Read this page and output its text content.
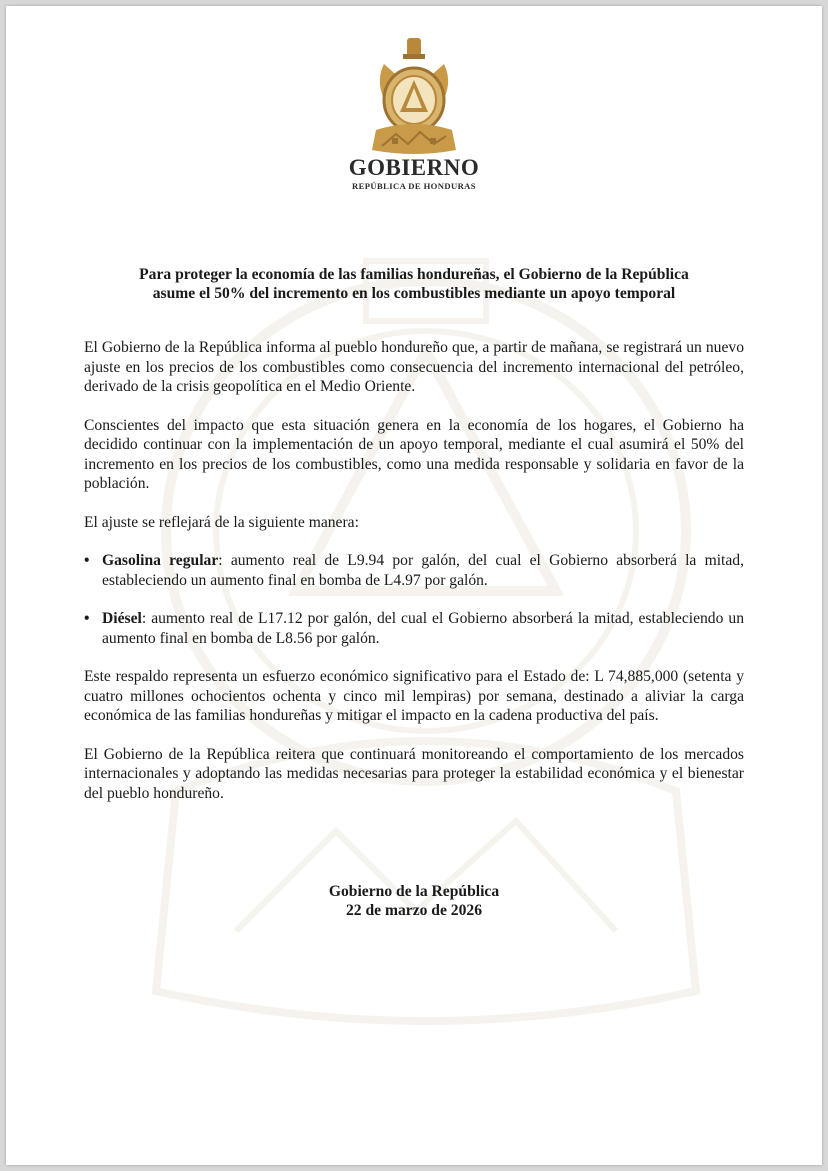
GOBIERNO
REPÚBLICA DE HONDURAS
Para proteger la economía de las familias hondureñas, el Gobierno de la República
asume el 50% del incremento en los combustibles mediante un apoyo temporal

El Gobierno de la República informa al pueblo hondureño que, a partir de mañana, se registrará un nuevo ajuste en los precios de los combustibles como consecuencia del incremento internacional del petróleo, derivado de la crisis geopolítica en el Medio Oriente.

Conscientes del impacto que esta situación genera en la economía de los hogares, el Gobierno ha decidido continuar con la implementación de un apoyo temporal, mediante el cual asumirá el 50% del incremento en los precios de los combustibles, como una medida responsable y solidaria en favor de la población.

El ajuste se reflejará de la siguiente manera:

• Gasolina regular: aumento real de L9.94 por galón, del cual el Gobierno absorberá la mitad, estableciendo un aumento final en bomba de L4.97 por galón.
• Diésel: aumento real de L17.12 por galón, del cual el Gobierno absorberá la mitad, estableciendo un aumento final en bomba de L8.56 por galón.

Este respaldo representa un esfuerzo económico significativo para el Estado de: L 74,885,000 (setenta y cuatro millones ochocientos ochenta y cinco mil lempiras) por semana, destinado a aliviar la carga económica de las familias hondureñas y mitigar el impacto en la cadena productiva del país.

El Gobierno de la República reitera que continuará monitoreando el comportamiento de los mercados internacionales y adoptando las medidas necesarias para proteger la estabilidad económica y el bienestar del pueblo hondureño.

Gobierno de la República
22 de marzo de 2026
